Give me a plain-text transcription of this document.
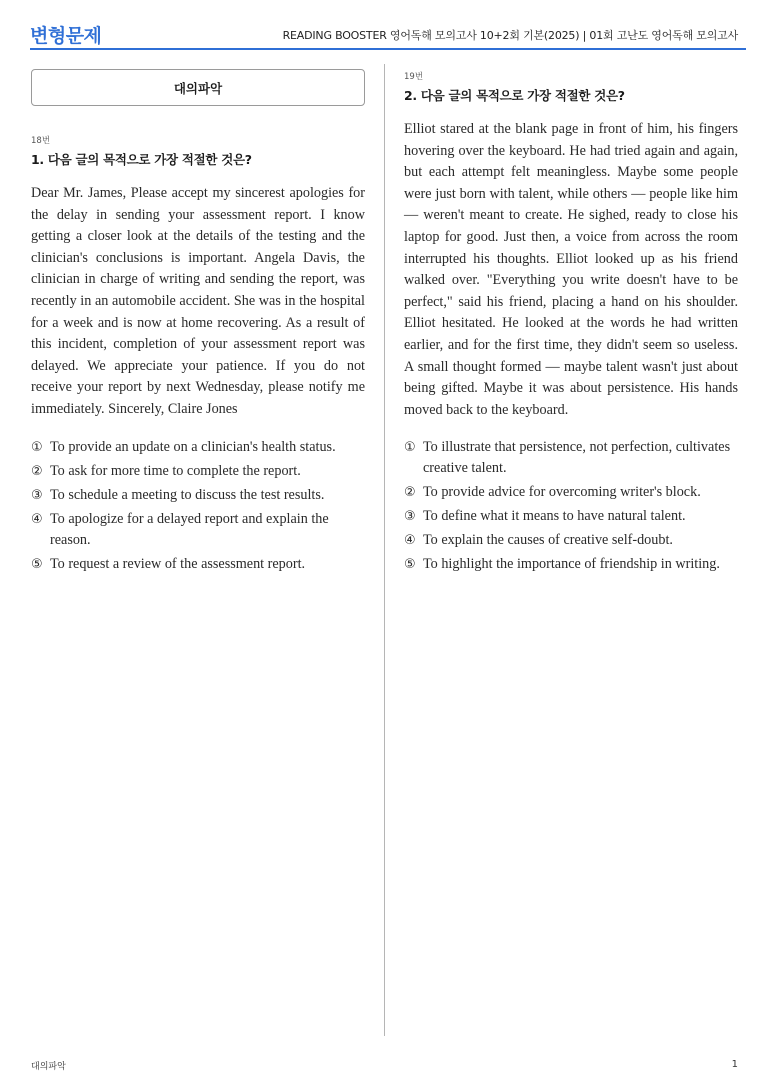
변형문제	READING BOOSTER 영어독해 모의고사 10+2회 기본(2025) | 01회 고난도 영어독해 모의고사
대의파악
18번
1. 다음 글의 목적으로 가장 적절한 것은?

Dear Mr. James, Please accept my sincerest apologies for the delay in sending your assessment report. I know getting a closer look at the details of the testing and the clinician's conclusions is important. Angela Davis, the clinician in charge of writing and sending the report, was recently in an automobile accident. She was in the hospital for a week and is now at home recovering. As a result of this incident, completion of your assessment report was delayed. We appreciate your patience. If you do not receive your report by next Wednesday, please notify me immediately. Sincerely, Claire Jones

① To provide an update on a clinician's health status.
② To ask for more time to complete the report.
③ To schedule a meeting to discuss the test results.
④ To apologize for a delayed report and explain the reason.
⑤ To request a review of the assessment report.
19번
2. 다음 글의 목적으로 가장 적절한 것은?

Elliot stared at the blank page in front of him, his fingers hovering over the keyboard. He had tried again and again, but each attempt felt meaningless. Maybe some people were just born with talent, while others — people like him — weren't meant to create. He sighed, ready to close his laptop for good. Just then, a voice from across the room interrupted his thoughts. Elliot looked up as his friend walked over. "Everything you write doesn't have to be perfect," said his friend, placing a hand on his shoulder. Elliot hesitated. He looked at the words he had written earlier, and for the first time, they didn't seem so useless. A small thought formed — maybe talent wasn't just about being gifted. Maybe it was about persistence. His hands moved back to the keyboard.

① To illustrate that persistence, not perfection, cultivates creative talent.
② To provide advice for overcoming writer's block.
③ To define what it means to have natural talent.
④ To explain the causes of creative self-doubt.
⑤ To highlight the importance of friendship in writing.
대의파악	1
